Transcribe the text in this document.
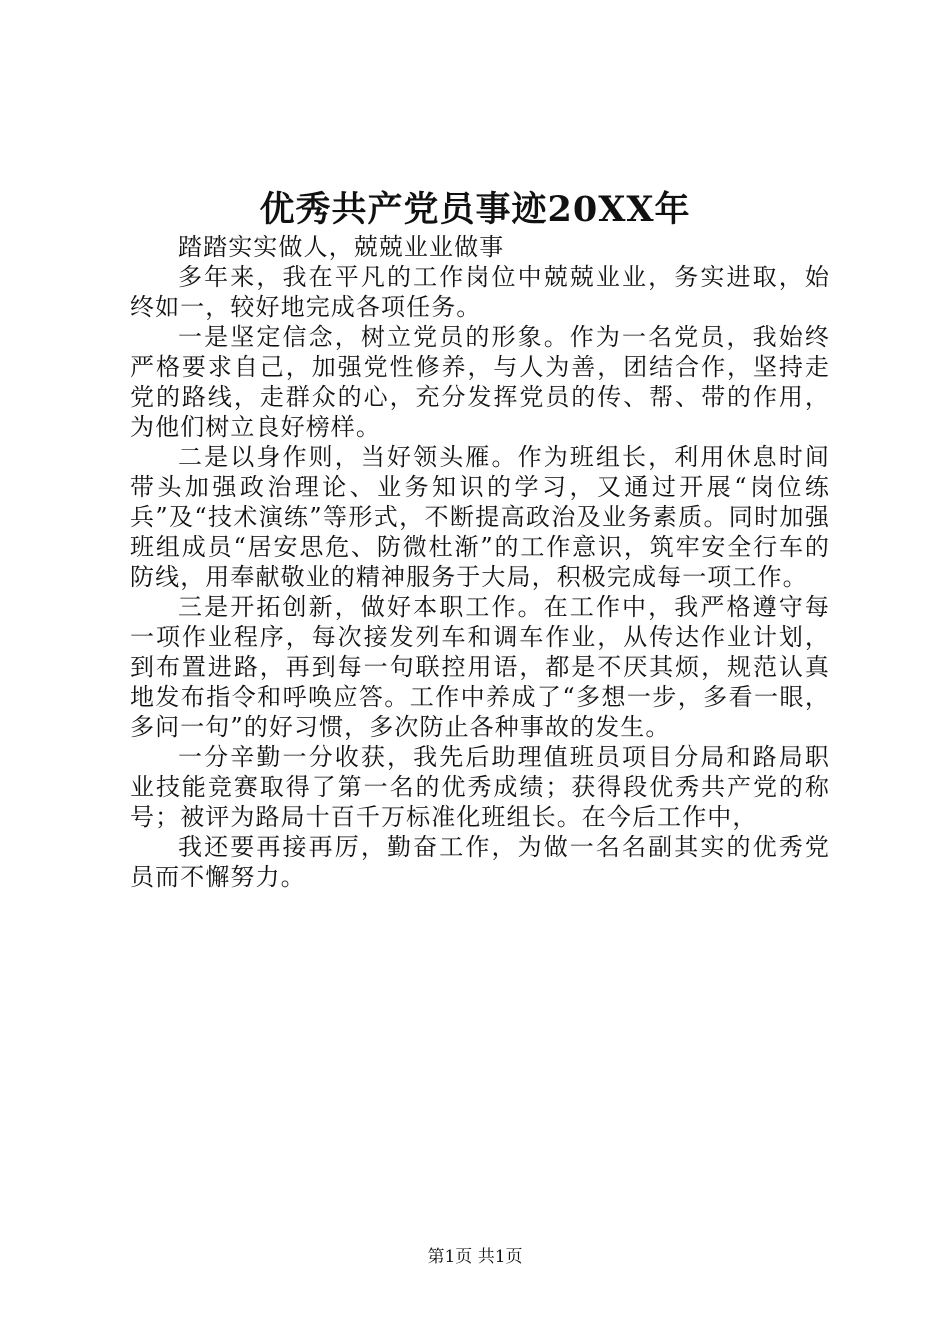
优秀共产党员事迹20XX年

踏踏实实做人，兢兢业业做事

多年来，我在平凡的工作岗位中兢兢业业，务实进取，始终如一，较好地完成各项任务。

一是坚定信念，树立党员的形象。作为一名党员，我始终严格要求自己，加强党性修养，与人为善，团结合作，坚持走党的路线，走群众的心，充分发挥党员的传、帮、带的作用，为他们树立良好榜样。

二是以身作则，当好领头雁。作为班组长，利用休息时间带头加强政治理论、业务知识的学习，又通过开展“岗位练兵”及“技术演练”等形式，不断提高政治及业务素质。同时加强班组成员“居安思危、防微杜渐”的工作意识，筑牢安全行车的防线，用奉献敬业的精神服务于大局，积极完成每一项工作。

三是开拓创新，做好本职工作。在工作中，我严格遵守每一项作业程序，每次接发列车和调车作业，从传达作业计划，到布置进路，再到每一句联控用语，都是不厌其烦，规范认真地发布指令和呼唤应答。工作中养成了“多想一步，多看一眼，多问一句”的好习惯，多次防止各种事故的发生。

一分辛勤一分收获，我先后助理值班员项目分局和路局职业技能竞赛取得了第一名的优秀成绩；获得段优秀共产党的称号；被评为路局十百千万标准化班组长。在今后工作中，

我还要再接再厉，勤奋工作，为做一名名副其实的优秀党员而不懈努力。

第1页 共1页
